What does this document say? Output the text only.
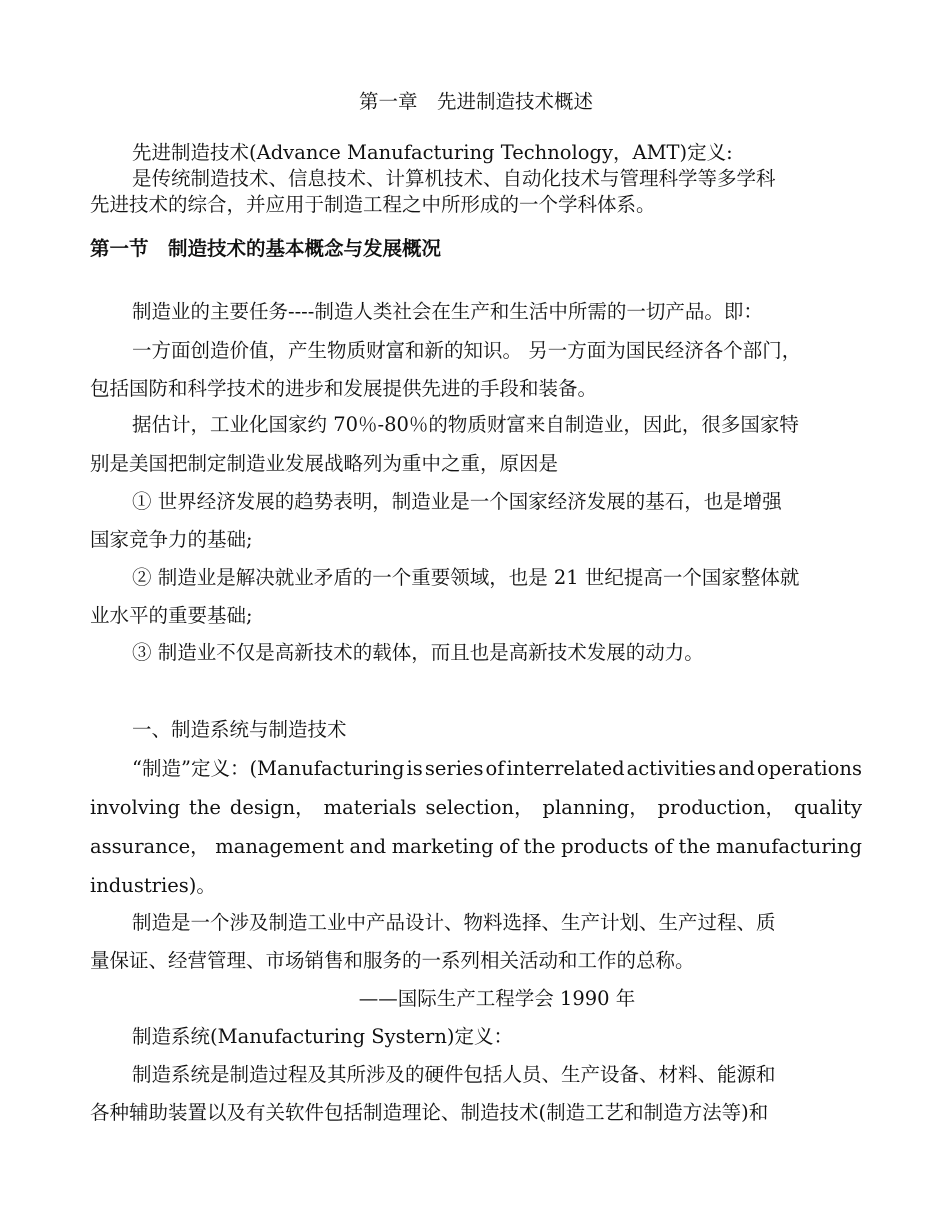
第一章　先进制造技术概述
先进制造技术(Advance Manufacturing Technology，AMT)定义:
是传统制造技术、信息技术、计算机技术、自动化技术与管理科学等多学科
先进技术的综合，并应用于制造工程之中所形成的一个学科体系。
第一节　制造技术的基本概念与发展概况
制造业的主要任务----制造人类社会在生产和生活中所需的一切产品。即：
一方面创造价值，产生物质财富和新的知识。 另一方面为国民经济各个部门，
包括国防和科学技术的进步和发展提供先进的手段和装备。
据估计，工业化国家约 70％-80％的物质财富来自制造业，因此，很多国家特
别是美国把制定制造业发展战略列为重中之重，原因是
① 世界经济发展的趋势表明，制造业是一个国家经济发展的基石，也是增强
国家竞争力的基础;
② 制造业是解决就业矛盾的一个重要领域，也是 21 世纪提高一个国家整体就
业水平的重要基础;
③ 制造业不仅是高新技术的载体，而且也是高新技术发展的动力。
一、制造系统与制造技术
“制造”定义：(Manufacturing is series of interrelated activities and operations
involving the design， materials selection， planning， production， quality
assurance， management and marketing of the products of the manufacturing
industries)。
制造是一个涉及制造工业中产品设计、物料选择、生产计划、生产过程、质
量保证、经营管理、市场销售和服务的一系列相关活动和工作的总称。
——国际生产工程学会 1990 年
制造系统(Manufacturing Systern)定义：
制造系统是制造过程及其所涉及的硬件包括人员、生产设备、材料、能源和
各种辅助装置以及有关软件包括制造理论、制造技术(制造工艺和制造方法等)和
